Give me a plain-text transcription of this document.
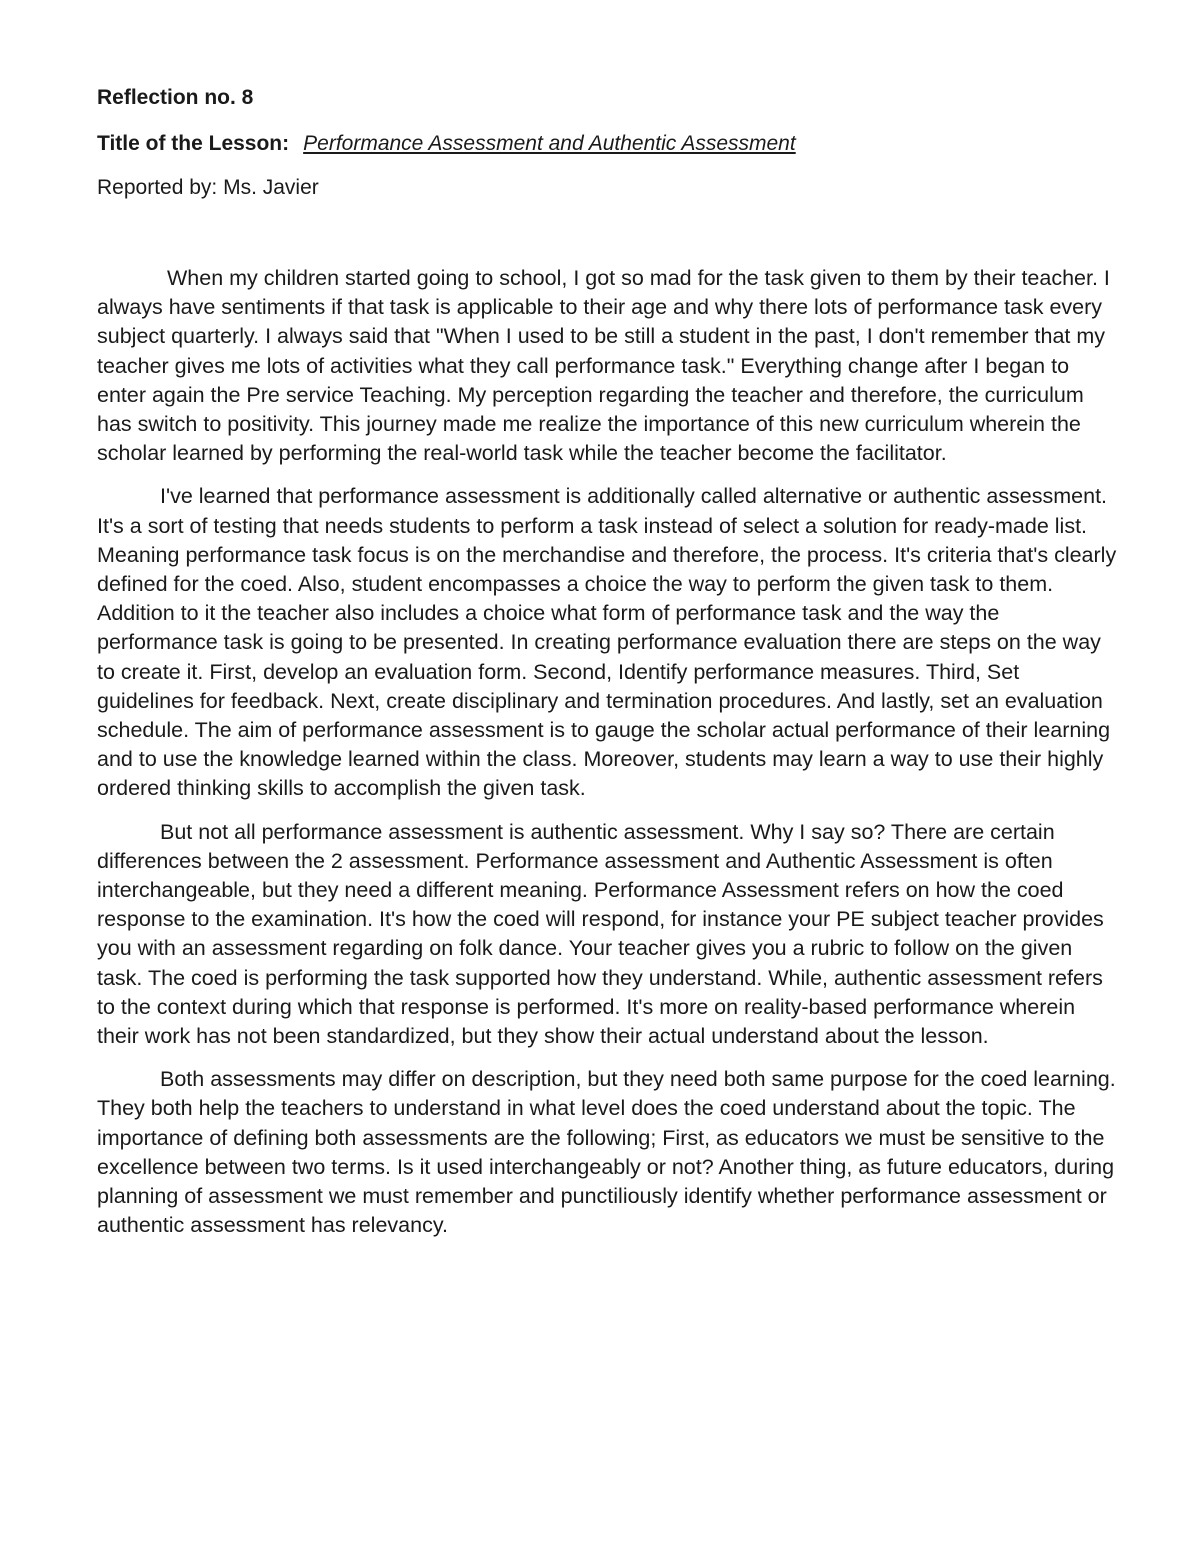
Reflection no. 8

Title of the Lesson: Performance Assessment and Authentic Assessment
Reported by: Ms. Javier

When my children started going to school, I got so mad for the task given to them by their teacher. I always have sentiments if that task is applicable to their age and why there lots of performance task every subject quarterly. I always said that "When I used to be still a student in the past, I don't remember that my teacher gives me lots of activities what they call performance task." Everything change after I began to enter again the Pre service Teaching. My perception regarding the teacher and therefore, the curriculum has switch to positivity. This journey made me realize the importance of this new curriculum wherein the scholar learned by performing the real-world task while the teacher become the facilitator.

I've learned that performance assessment is additionally called alternative or authentic assessment. It's a sort of testing that needs students to perform a task instead of select a solution for ready-made list. Meaning performance task focus is on the merchandise and therefore, the process. It's criteria that's clearly defined for the coed. Also, student encompasses a choice the way to perform the given task to them. Addition to it the teacher also includes a choice what form of performance task and the way the performance task is going to be presented. In creating performance evaluation there are steps on the way to create it. First, develop an evaluation form. Second, Identify performance measures. Third, Set guidelines for feedback. Next, create disciplinary and termination procedures. And lastly, set an evaluation schedule. The aim of performance assessment is to gauge the scholar actual performance of their learning and to use the knowledge learned within the class. Moreover, students may learn a way to use their highly ordered thinking skills to accomplish the given task.

But not all performance assessment is authentic assessment. Why I say so? There are certain differences between the 2 assessment. Performance assessment and Authentic Assessment is often interchangeable, but they need a different meaning. Performance Assessment refers on how the coed response to the examination. It's how the coed will respond, for instance your PE subject teacher provides you with an assessment regarding on folk dance. Your teacher gives you a rubric to follow on the given task. The coed is performing the task supported how they understand. While, authentic assessment refers to the context during which that response is performed. It's more on reality-based performance wherein their work has not been standardized, but they show their actual understand about the lesson.

Both assessments may differ on description, but they need both same purpose for the coed learning. They both help the teachers to understand in what level does the coed understand about the topic. The importance of defining both assessments are the following; First, as educators we must be sensitive to the excellence between two terms. Is it used interchangeably or not? Another thing, as future educators, during planning of assessment we must remember and punctiliously identify whether performance assessment or authentic assessment has relevancy.
